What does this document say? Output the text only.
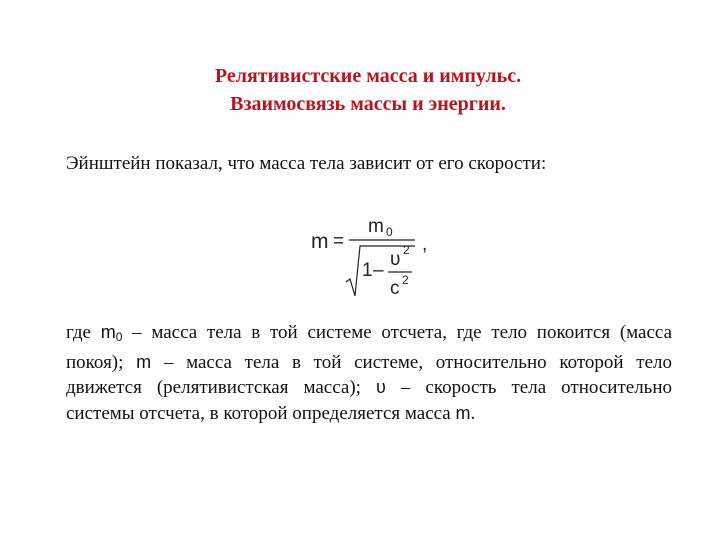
Релятивистские масса и импульс.
Взаимосвязь массы и энергии.
Эйнштейн показал, что масса тела зависит от его скорости:
m =
m 0
1 –
υ 2
c 2
,
где $m_0$ – масса тела в той системе отсчета, где тело покоится (масса
покоя); m – масса тела в той системе, относительно которой тело
движется (релятивистская масса); υ – скорость тела относительно
системы отсчета, в которой определяется масса m.
